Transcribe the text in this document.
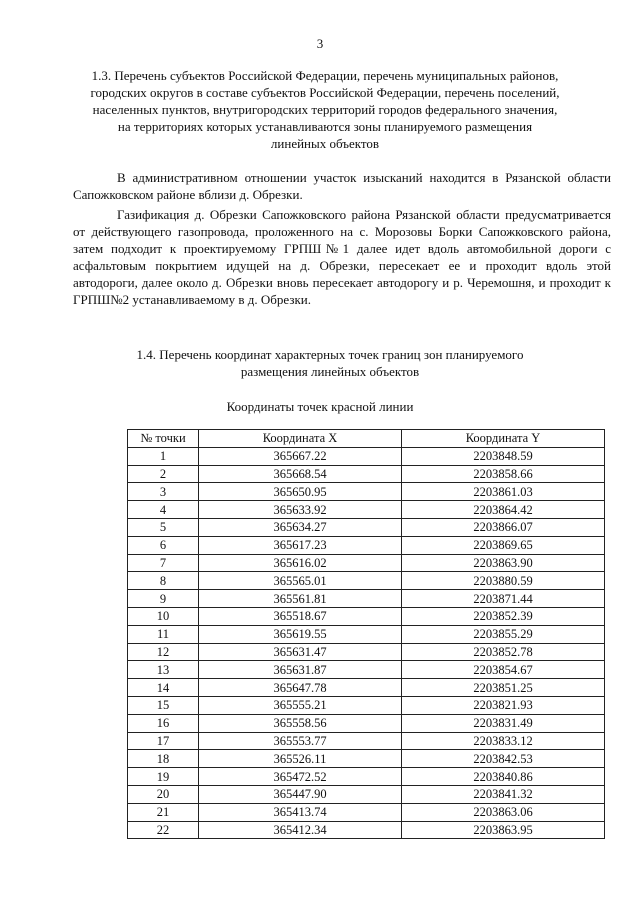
3
1.3. Перечень субъектов Российской Федерации, перечень муниципальных районов, городских округов в составе субъектов Российской Федерации, перечень поселений, населенных пунктов, внутригородских территорий городов федерального значения, на территориях которых устанавливаются зоны планируемого размещения линейных объектов

В административном отношении участок изысканий находится в Рязанской области Сапожковском районе вблизи д. Обрезки.

Газификация д. Обрезки Сапожковского района Рязанской области предусматривается от действующего газопровода, проложенного на с. Морозовы Борки Сапожковского района, затем подходит к проектируемому ГРПШ№1 далее идет вдоль автомобильной дороги с асфальтовым покрытием идущей на д. Обрезки, пересекает ее и проходит вдоль этой автодороги, далее около д. Обрезки вновь пересекает автодорогу и р. Черемошня, и проходит к ГРПШ№2 устанавливаемому в д. Обрезки.

1.4. Перечень координат характерных точек границ зон планируемого размещения линейных объектов
Координаты точек красной линии
№ точки	Координата X	Координата Y
1	365667.22	2203848.59
2	365668.54	2203858.66
3	365650.95	2203861.03
4	365633.92	2203864.42
5	365634.27	2203866.07
6	365617.23	2203869.65
7	365616.02	2203863.90
8	365565.01	2203880.59
9	365561.81	2203871.44
10	365518.67	2203852.39
11	365619.55	2203855.29
12	365631.47	2203852.78
13	365631.87	2203854.67
14	365647.78	2203851.25
15	365555.21	2203821.93
16	365558.56	2203831.49
17	365553.77	2203833.12
18	365526.11	2203842.53
19	365472.52	2203840.86
20	365447.90	2203841.32
21	365413.74	2203863.06
22	365412.34	2203863.95
